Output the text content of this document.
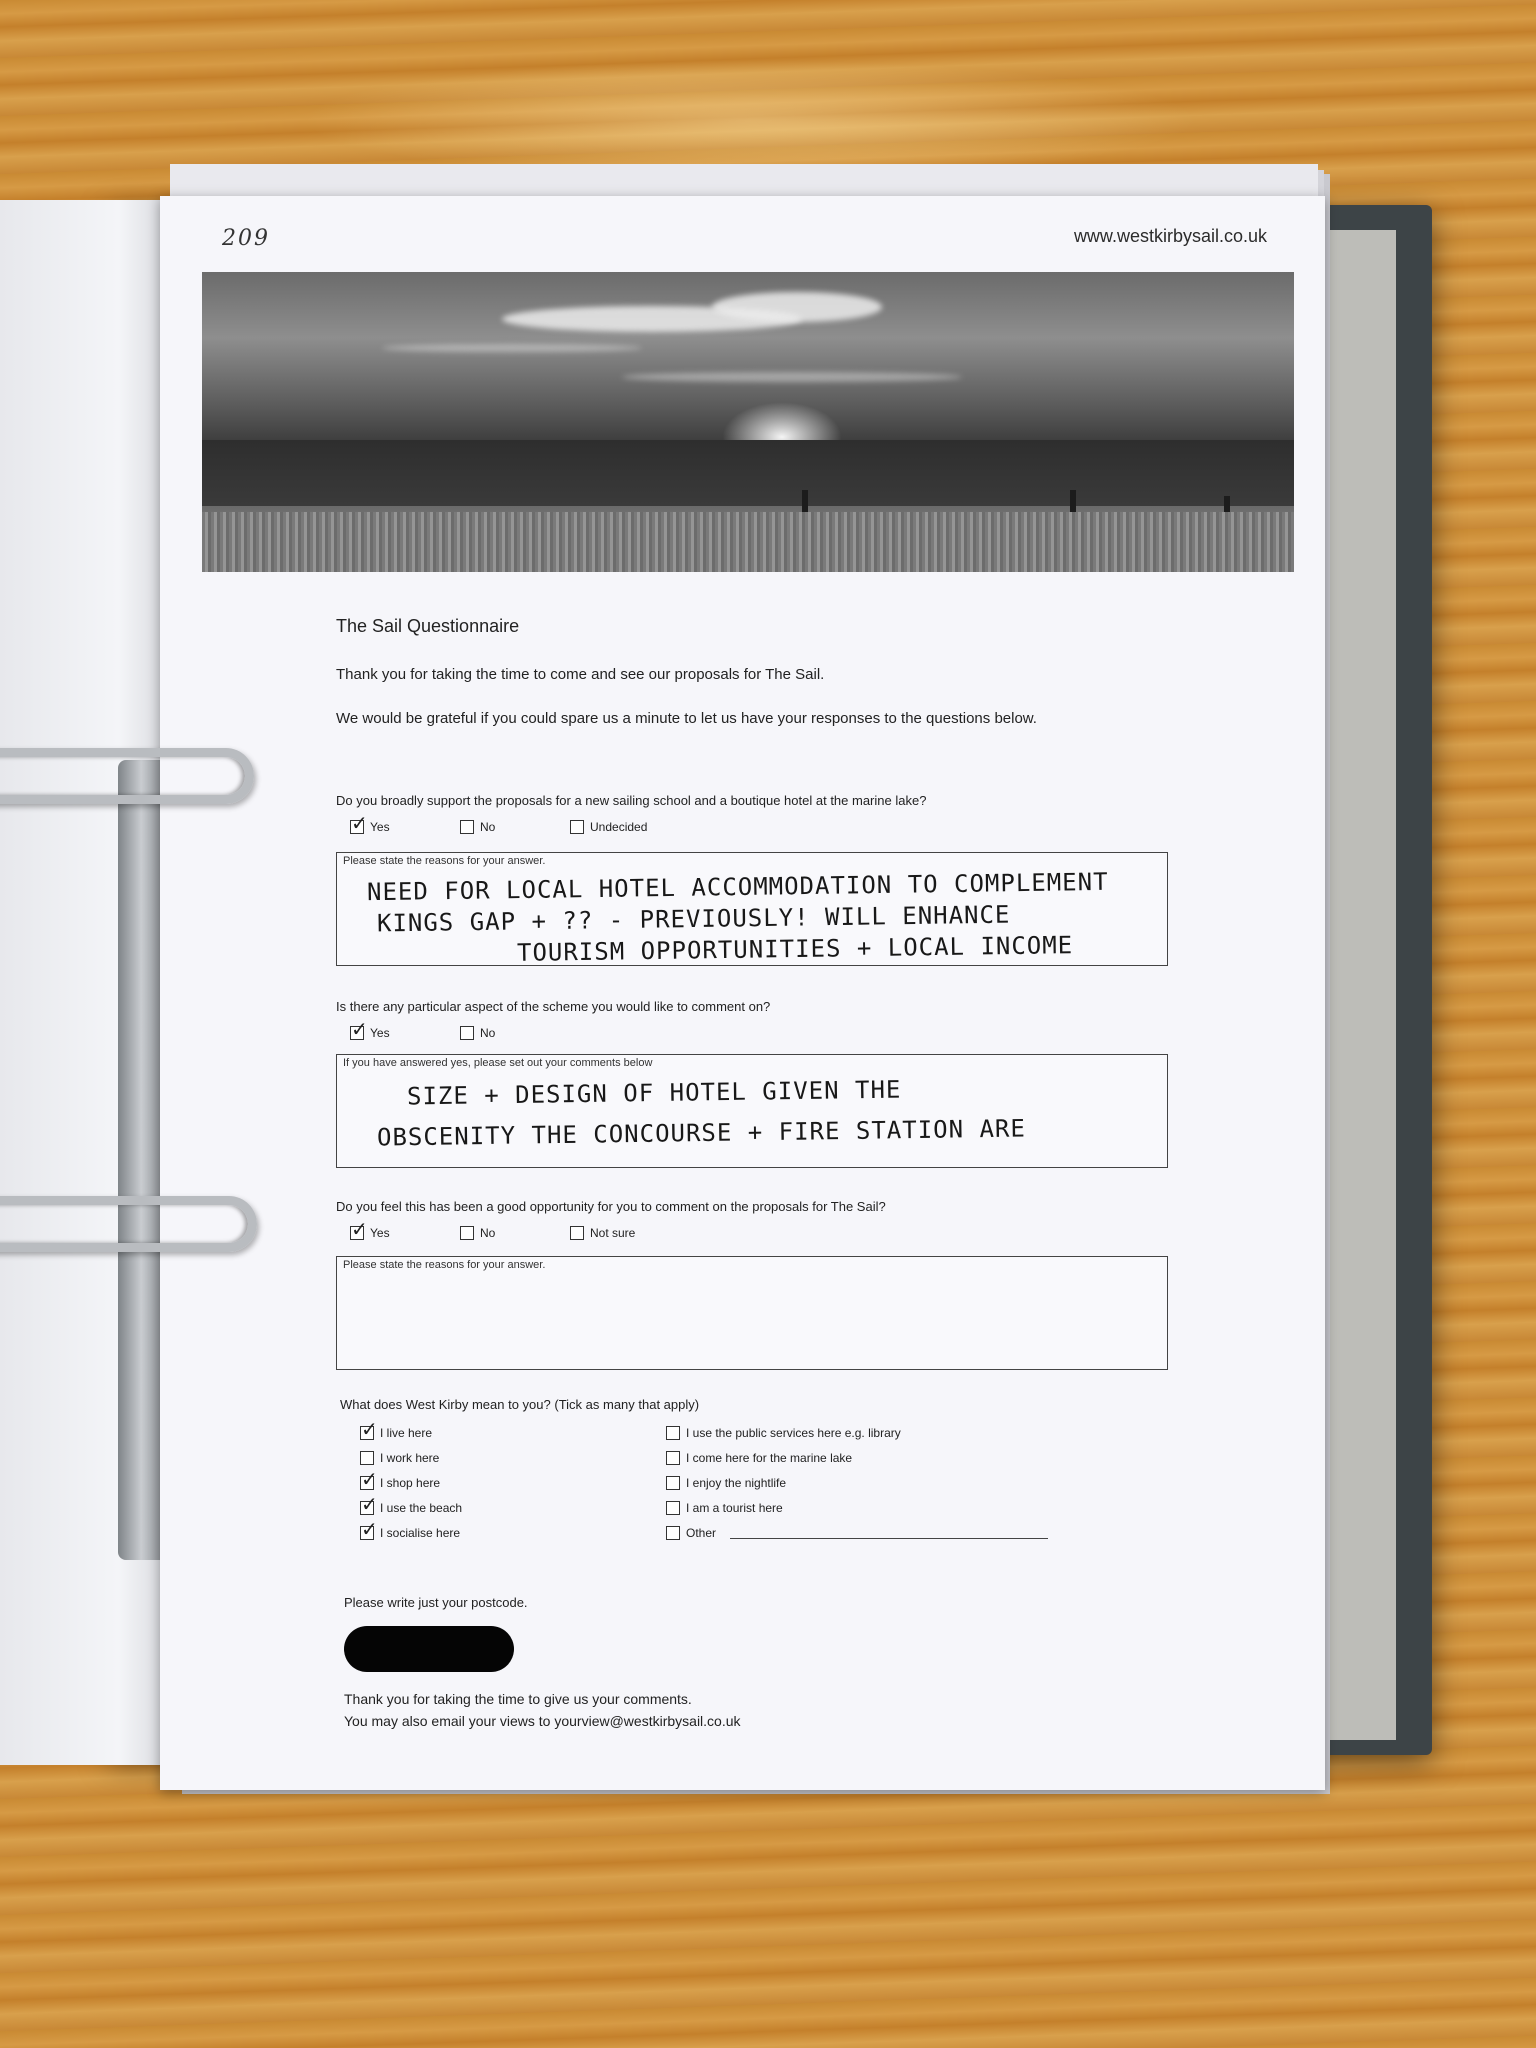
209	www.westkirbysail.co.uk
The Sail Questionnaire
Thank you for taking the time to come and see our proposals for The Sail.
We would be grateful if you could spare us a minute to let us have your responses to the questions below.
Do you broadly support the proposals for a new sailing school and a boutique hotel at the marine lake?
✓
Yes	No	Undecided
Please state the reasons for your answer.
NEED FOR LOCAL HOTEL ACCOMMODATION TO COMPLEMENT
KINGS GAP + ?? - PREVIOUSLY! WILL ENHANCE
TOURISM OPPORTUNITIES + LOCAL INCOME
Is there any particular aspect of the scheme you would like to comment on?
✓
Yes	No
If you have answered yes, please set out your comments below
SIZE + DESIGN OF HOTEL GIVEN THE
OBSCENITY THE CONCOURSE + FIRE STATION ARE
Do you feel this has been a good opportunity for you to comment on the proposals for The Sail?
✓
Yes	No	Not sure
Please state the reasons for your answer.
What does West Kirby mean to you? (Tick as many that apply)
✓
I live here
I work here
✓
I shop here
✓
I use the beach
✓
I socialise here
I use the public services here e.g. library
I come here for the marine lake
I enjoy the nightlife
I am a tourist here
Other
Please write just your postcode.
Thank you for taking the time to give us your comments.
You may also email your views to yourview@westkirbysail.co.uk
